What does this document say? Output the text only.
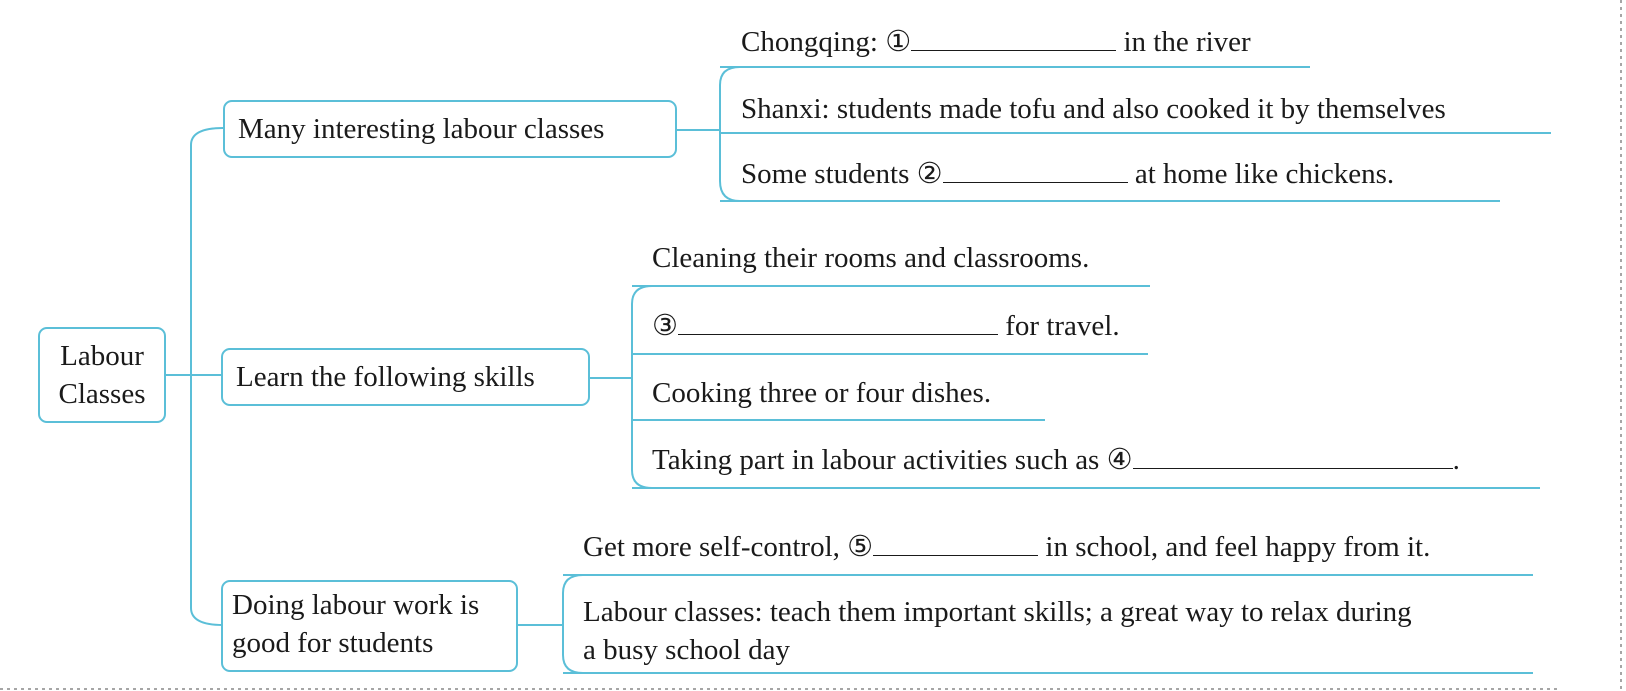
Labour
Classes
Many interesting labour classes
Chongqing: ①	in the river
Shanxi: students made tofu and also cooked it by themselves
Some students ②	at home like chickens.
Learn the following skills
Cleaning their rooms and classrooms.
③	for travel.
Cooking three or four dishes.
Taking part in labour activities such as ④	.
Doing labour work is
good for students
Get more self-control, ⑤	in school, and feel happy from it.
Labour classes: teach them important skills; a great way to relax during
a busy school day
